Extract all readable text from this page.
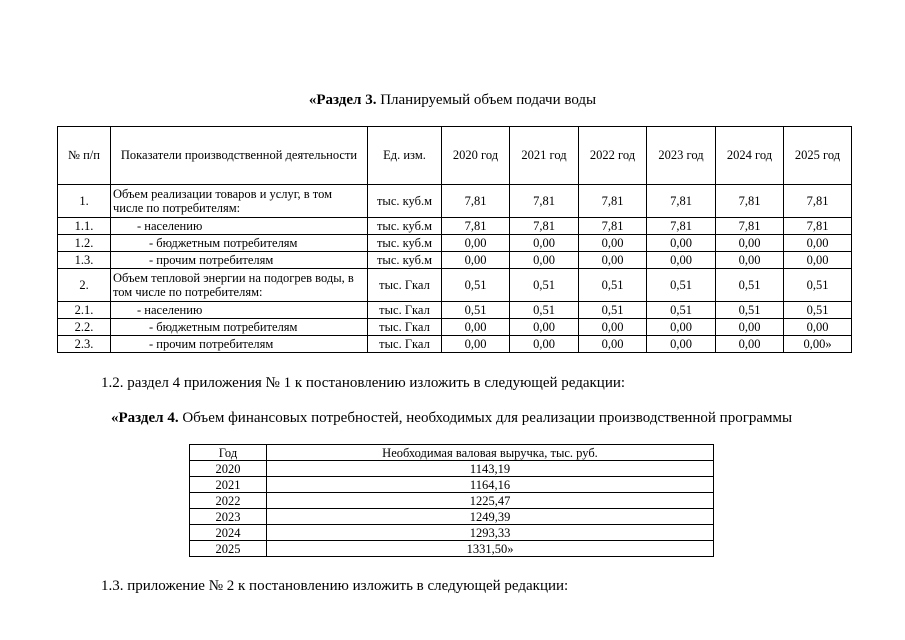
«Раздел 3. Планируемый объем подачи воды
№ п/п	Показатели производственной деятельности	Ед. изм.	2020 год	2021 год	2022 год	2023 год	2024 год	2025 год
1.	Объем реализации товаров и услуг, в том числе по потребителям:	тыс. куб.м	7,81	7,81	7,81	7,81	7,81	7,81
1.1.	- населению	тыс. куб.м	7,81	7,81	7,81	7,81	7,81	7,81
1.2.	- бюджетным потребителям	тыс. куб.м	0,00	0,00	0,00	0,00	0,00	0,00
1.3.	- прочим потребителям	тыс. куб.м	0,00	0,00	0,00	0,00	0,00	0,00
2.	Объем тепловой энергии на подогрев воды, в том числе по потребителям:	тыс. Гкал	0,51	0,51	0,51	0,51	0,51	0,51
2.1.	- населению	тыс. Гкал	0,51	0,51	0,51	0,51	0,51	0,51
2.2.	- бюджетным потребителям	тыс. Гкал	0,00	0,00	0,00	0,00	0,00	0,00
2.3.	- прочим потребителям	тыс. Гкал	0,00	0,00	0,00	0,00	0,00	0,00»
1.2. раздел 4 приложения № 1 к постановлению изложить в следующей редакции:
«Раздел 4. Объем финансовых потребностей, необходимых для реализации производственной программы
Год	Необходимая валовая выручка, тыс. руб.
2020	1143,19
2021	1164,16
2022	1225,47
2023	1249,39
2024	1293,33
2025	1331,50»
1.3. приложение № 2 к постановлению изложить в следующей редакции:
